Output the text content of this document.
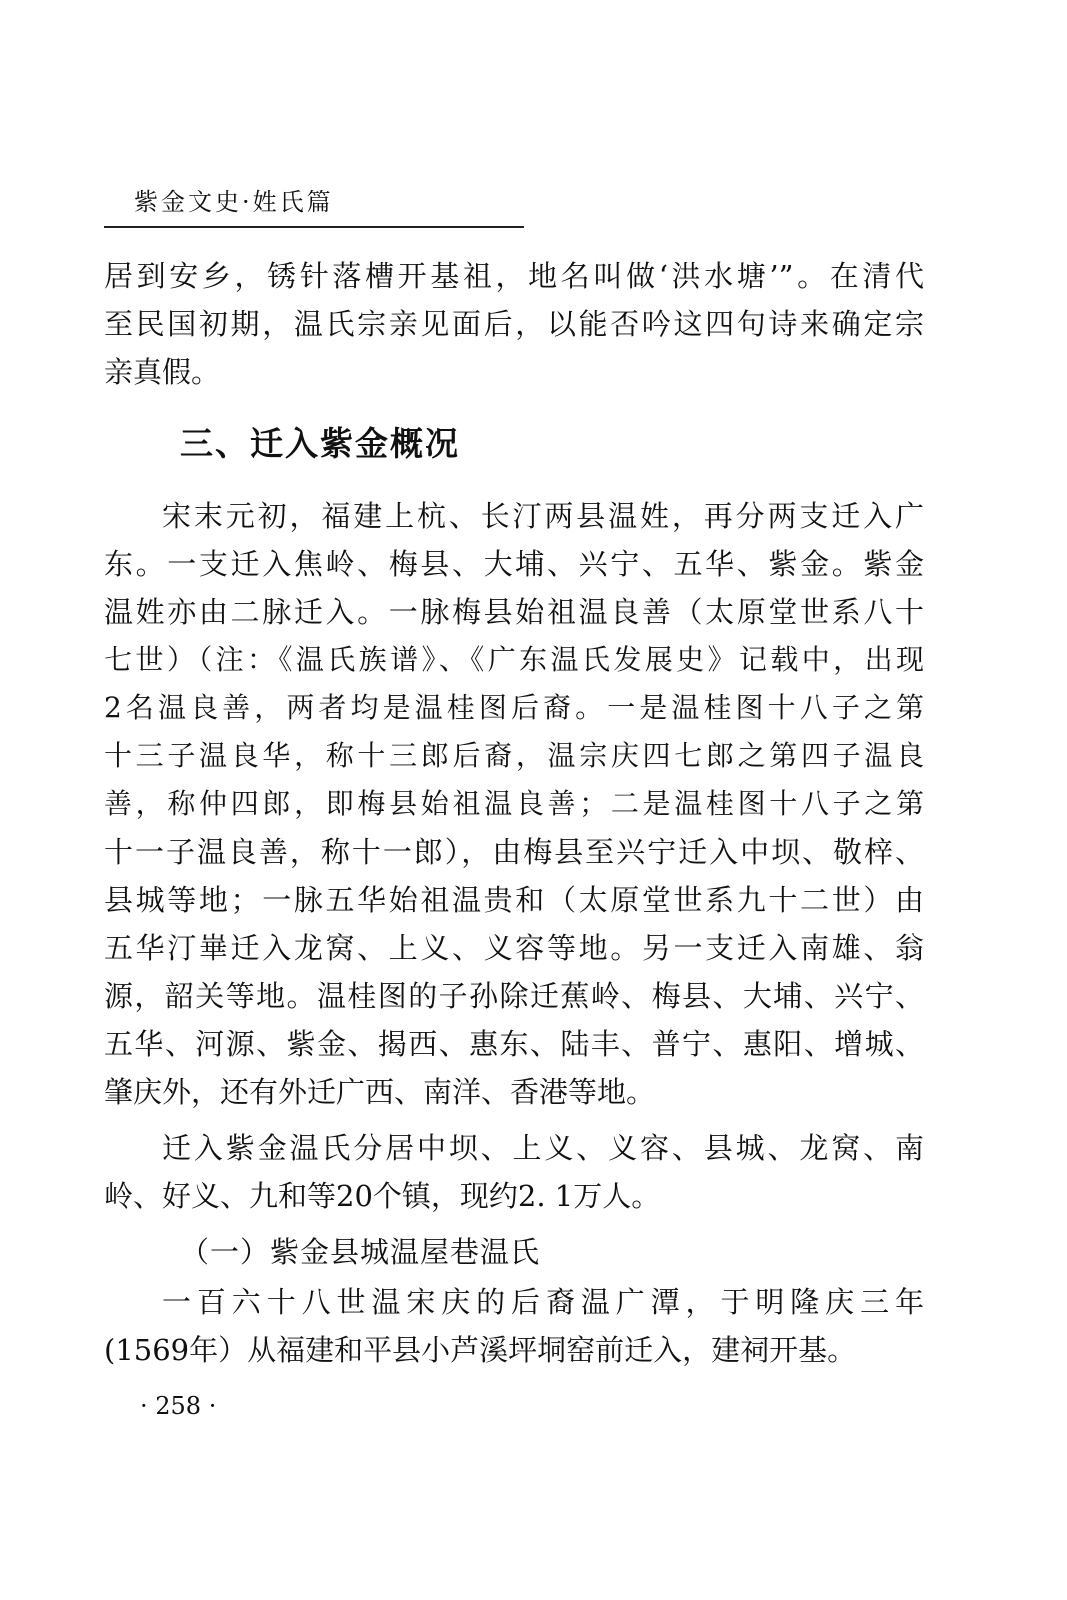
紫金文史·姓氏篇
居到安乡，锈针落槽开基祖，地名叫做‘洪水塘’”。在清代
至民国初期，温氏宗亲见面后，以能否吟这四句诗来确定宗
亲真假。
三、迁入紫金概况
宋末元初，福建上杭、长汀两县温姓，再分两支迁入广
东。一支迁入焦岭、梅县、大埔、兴宁、五华、紫金。紫金
温姓亦由二脉迁入。一脉梅县始祖温良善（太原堂世系八十
七世）（注：《温氏族谱》、《广东温氏发展史》记载中，出现
2名温良善，两者均是温桂图后裔。一是温桂图十八子之第
十三子温良华，称十三郎后裔，温宗庆四七郎之第四子温良
善，称仲四郎，即梅县始祖温良善；二是温桂图十八子之第
十一子温良善，称十一郎），由梅县至兴宁迁入中坝、敬梓、
县城等地；一脉五华始祖温贵和（太原堂世系九十二世）由
五华汀崋迁入龙窝、上义、义容等地。另一支迁入南雄、翁
源，韶关等地。温桂图的子孙除迁蕉岭、梅县、大埔、兴宁、
五华、河源、紫金、揭西、惠东、陆丰、普宁、惠阳、增城、
肇庆外，还有外迁广西、南洋、香港等地。
迁入紫金温氏分居中坝、上义、义容、县城、龙窝、南
岭、好义、九和等20个镇，现约2. 1万人。
（一）紫金县城温屋巷温氏
一百六十八世温宋庆的后裔温广潭，于明隆庆三年
(1569年）从福建和平县小芦溪坪垌窑前迁入，建祠开基。
· 258 ·
